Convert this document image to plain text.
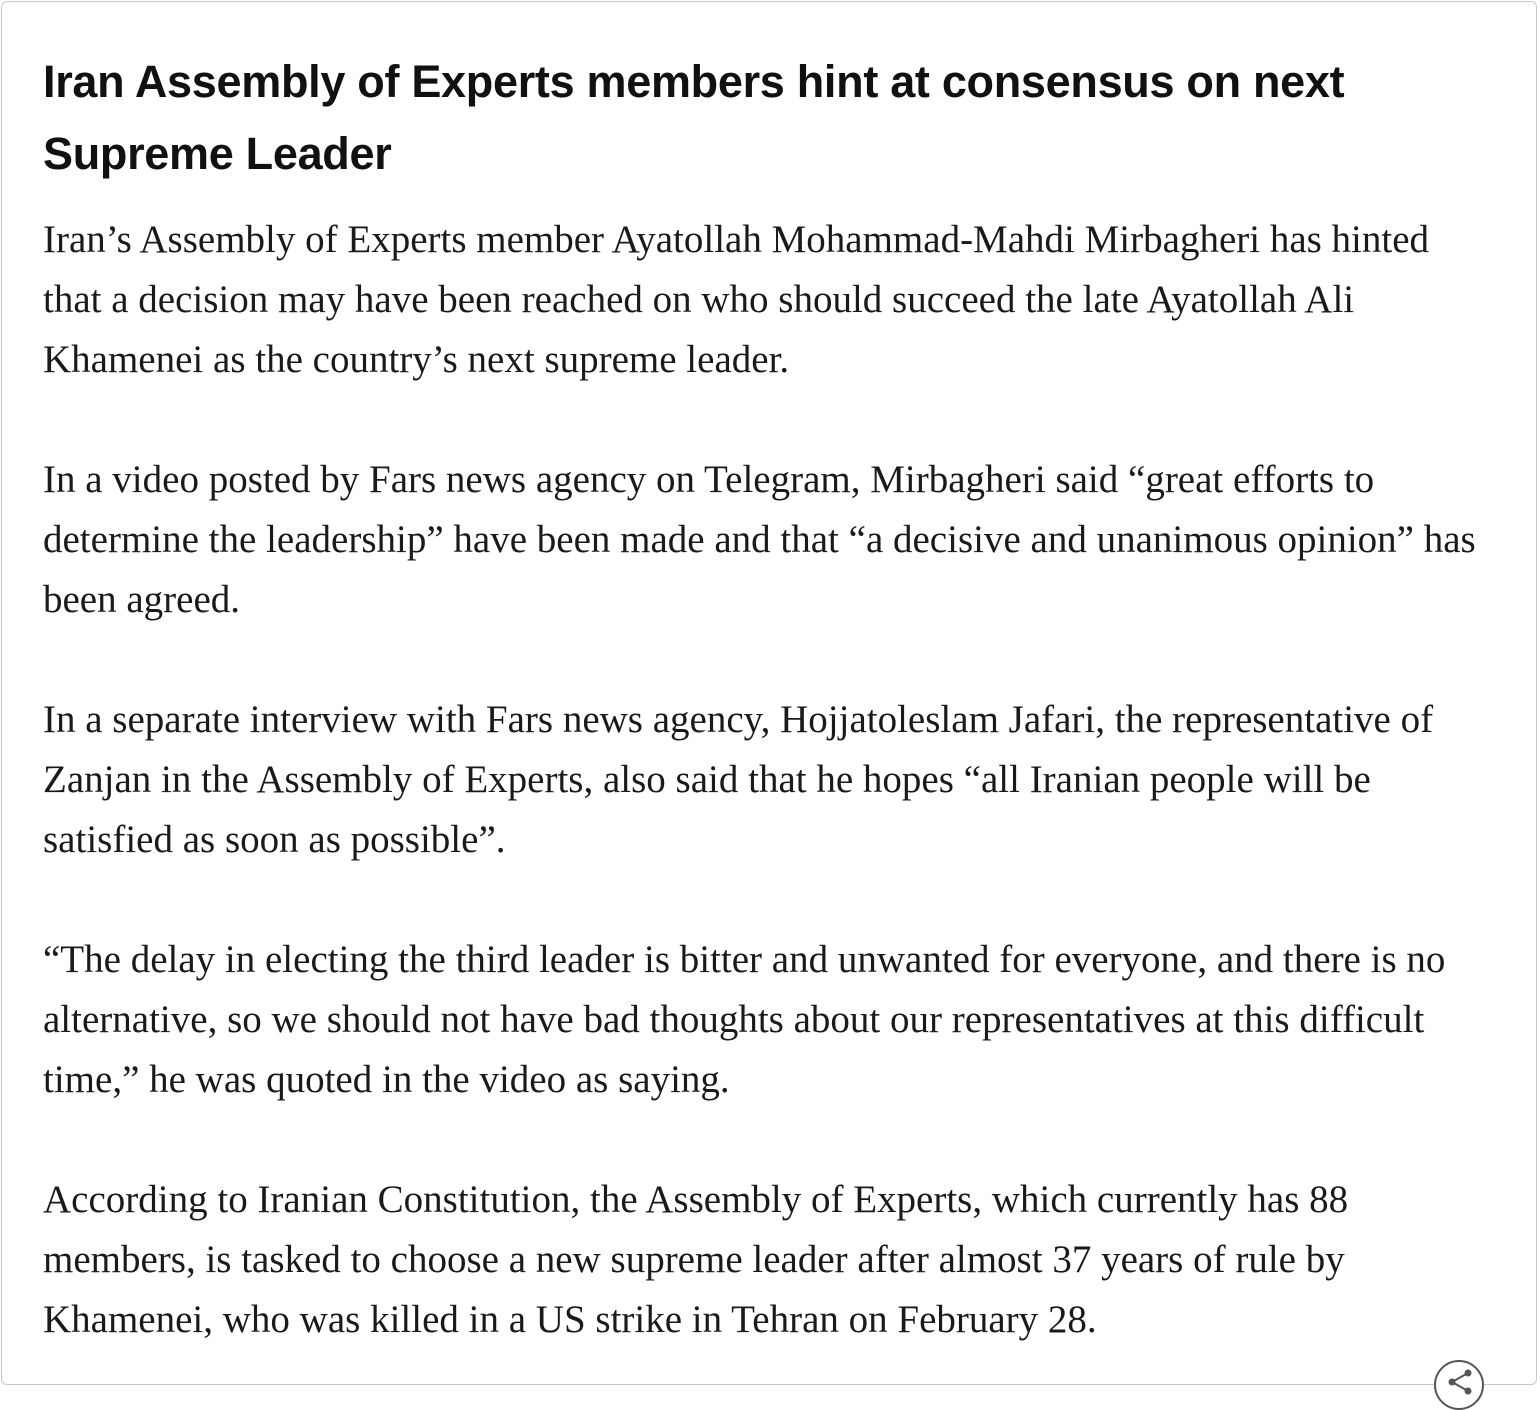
Iran Assembly of Experts members hint at consensus on next Supreme Leader

Iran’s Assembly of Experts member Ayatollah Mohammad-Mahdi Mirbagheri has hinted that a decision may have been reached on who should succeed the late Ayatollah Ali Khamenei as the country’s next supreme leader.

In a video posted by Fars news agency on Telegram, Mirbagheri said “great efforts to determine the leadership” have been made and that “a decisive and unanimous opinion” has been agreed.

In a separate interview with Fars news agency, Hojjatoleslam Jafari, the representative of Zanjan in the Assembly of Experts, also said that he hopes “all Iranian people will be satisfied as soon as possible”.

“The delay in electing the third leader is bitter and unwanted for everyone, and there is no alternative, so we should not have bad thoughts about our representatives at this difficult time,” he was quoted in the video as saying.

According to Iranian Constitution, the Assembly of Experts, which currently has 88 members, is tasked to choose a new supreme leader after almost 37 years of rule by Khamenei, who was killed in a US strike in Tehran on February 28.
